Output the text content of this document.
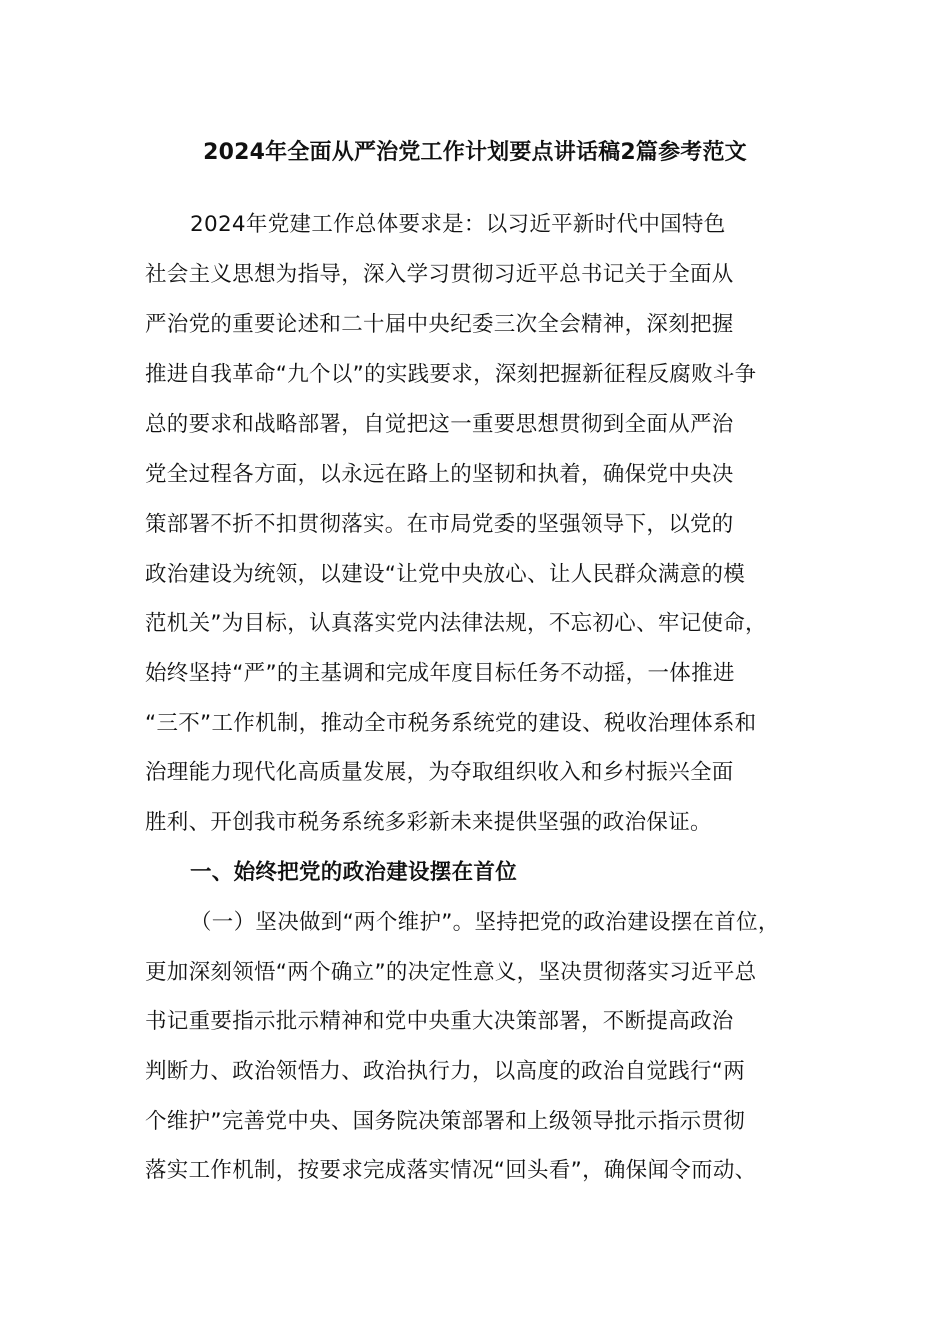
2024年全面从严治党工作计划要点讲话稿2篇参考范文
2024年党建工作总体要求是：以习近平新时代中国特色
社会主义思想为指导，深入学习贯彻习近平总书记关于全面从
严治党的重要论述和二十届中央纪委三次全会精神，深刻把握
推进自我革命“九个以”的实践要求，深刻把握新征程反腐败斗争
总的要求和战略部署，自觉把这一重要思想贯彻到全面从严治
党全过程各方面，以永远在路上的坚韧和执着，确保党中央决
策部署不折不扣贯彻落实。在市局党委的坚强领导下，以党的
政治建设为统领，以建设“让党中央放心、让人民群众满意的模
范机关”为目标，认真落实党内法律法规，不忘初心、牢记使命，
始终坚持“严”的主基调和完成年度目标任务不动摇，一体推进
“三不”工作机制，推动全市税务系统党的建设、税收治理体系和
治理能力现代化高质量发展，为夺取组织收入和乡村振兴全面
胜利、开创我市税务系统多彩新未来提供坚强的政治保证。
一、始终把党的政治建设摆在首位
（一）坚决做到“两个维护”。坚持把党的政治建设摆在首位，
更加深刻领悟“两个确立”的决定性意义，坚决贯彻落实习近平总
书记重要指示批示精神和党中央重大决策部署，不断提高政治
判断力、政治领悟力、政治执行力，以高度的政治自觉践行“两
个维护”完善党中央、国务院决策部署和上级领导批示指示贯彻
落实工作机制，按要求完成落实情况“回头看”，确保闻令而动、
